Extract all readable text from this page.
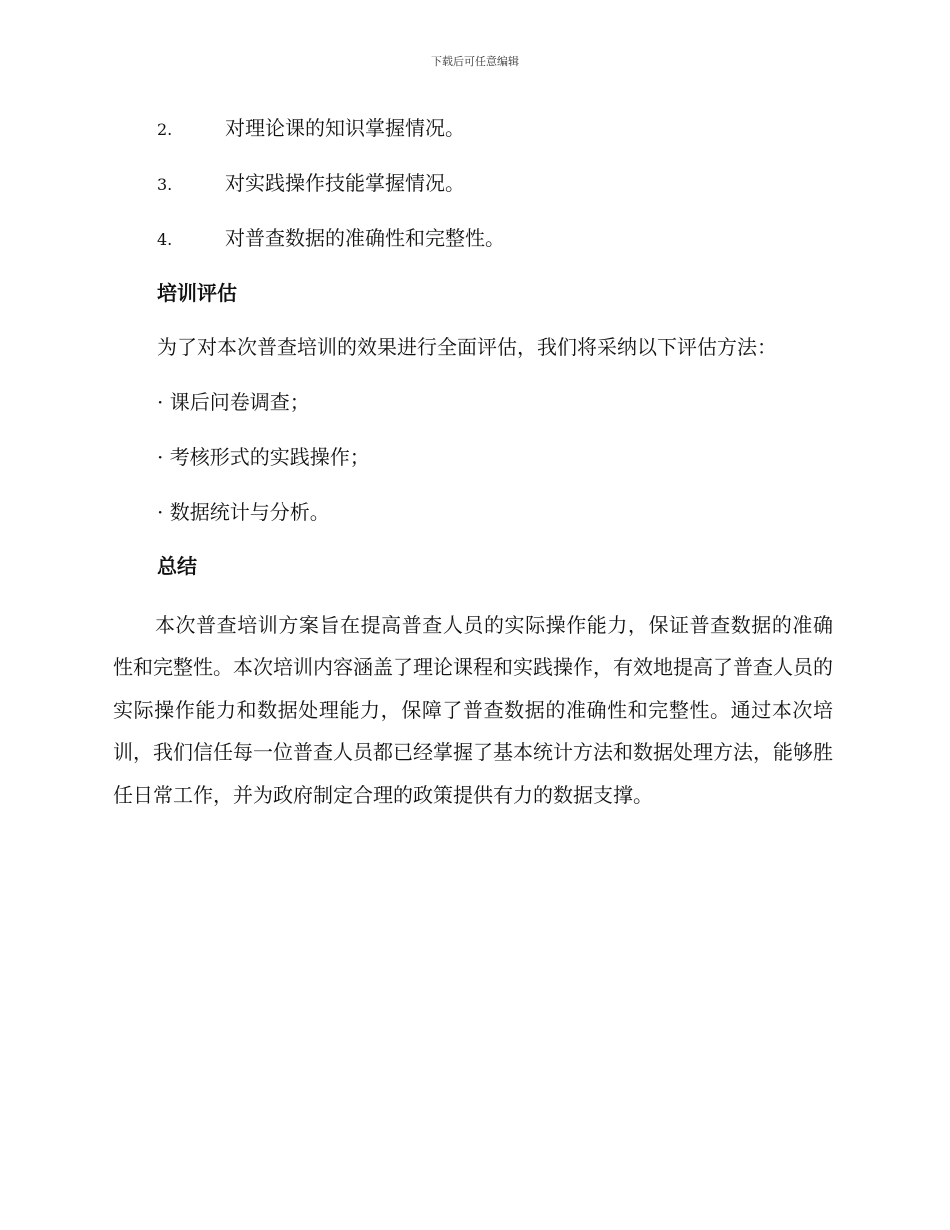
下载后可任意编辑
2.	对理论课的知识掌握情况。
3.	对实践操作技能掌握情况。
4.	对普查数据的准确性和完整性。
培训评估
为了对本次普查培训的效果进行全面评估，我们将采纳以下评估方法：
· 课后问卷调查；
· 考核形式的实践操作；
· 数据统计与分析。
总结

本次普查培训方案旨在提高普查人员的实际操作能力，保证普查数据的准确性和完整性。本次培训内容涵盖了理论课程和实践操作，有效地提高了普查人员的实际操作能力和数据处理能力，保障了普查数据的准确性和完整性。通过本次培训，我们信任每一位普查人员都已经掌握了基本统计方法和数据处理方法，能够胜任日常工作，并为政府制定合理的政策提供有力的数据支撑。
